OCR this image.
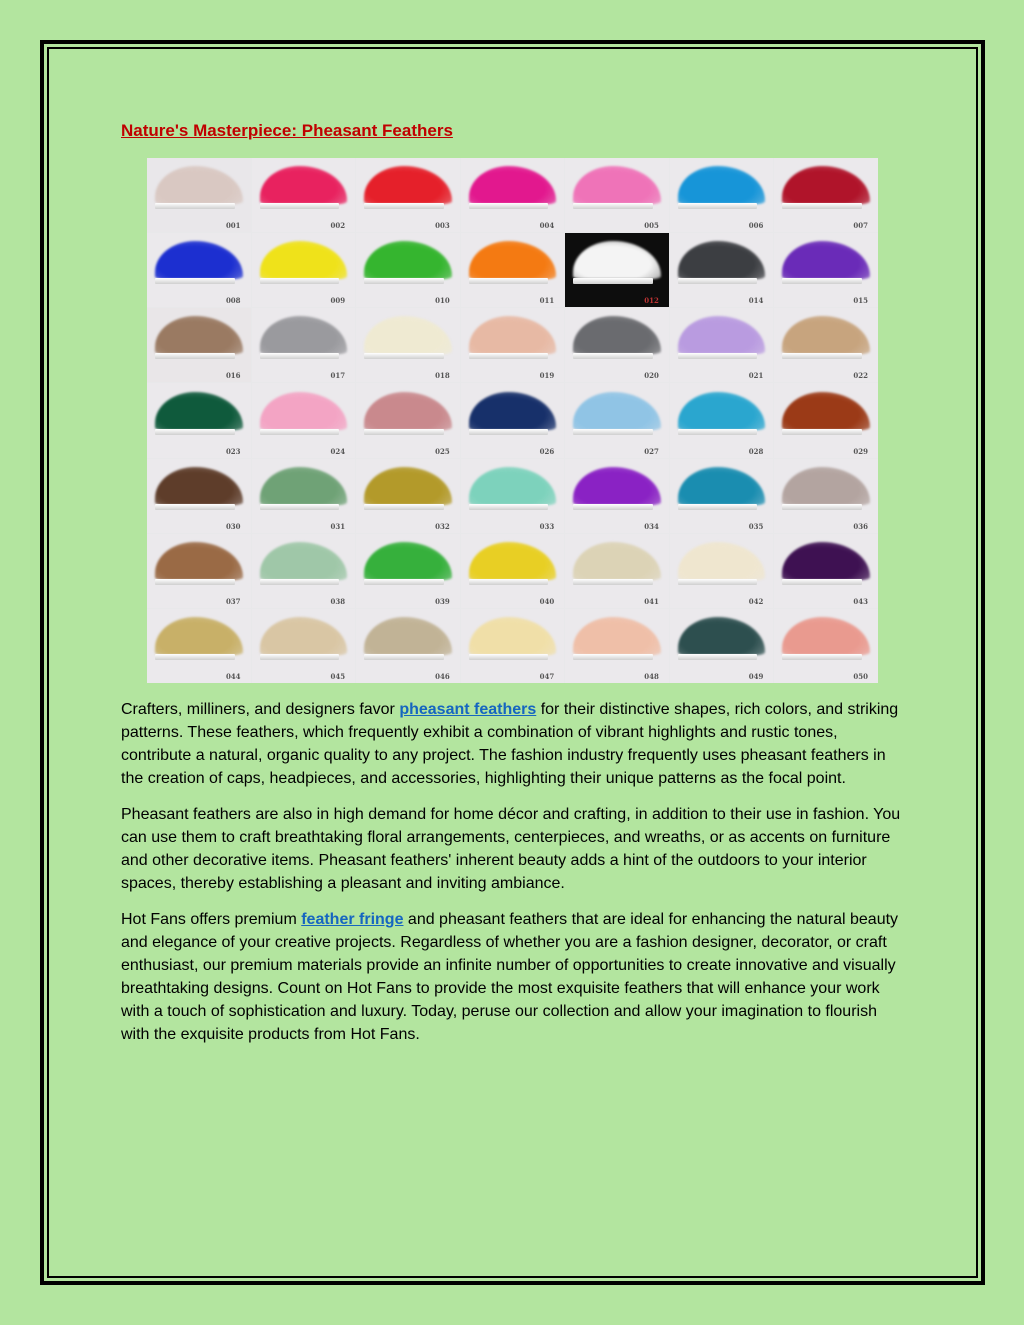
Nature's Masterpiece: Pheasant Feathers
001	002	003	004	005	006	007
008	009	010	011	012	014	015
016	017	018	019	020	021	022
023	024	025	026	027	028	029
030	031	032	033	034	035	036
037	038	039	040	041	042	043
044	045	046	047	048	049	050

Crafters, milliners, and designers favor pheasant feathers for their distinctive shapes, rich colors, and striking patterns. These feathers, which frequently exhibit a combination of vibrant highlights and rustic tones, contribute a natural, organic quality to any project. The fashion industry frequently uses pheasant feathers in the creation of caps, headpieces, and accessories, highlighting their unique patterns as the focal point.

Pheasant feathers are also in high demand for home décor and crafting, in addition to their use in fashion. You can use them to craft breathtaking floral arrangements, centerpieces, and wreaths, or as accents on furniture and other decorative items. Pheasant feathers' inherent beauty adds a hint of the outdoors to your interior spaces, thereby establishing a pleasant and inviting ambiance.

Hot Fans offers premium feather fringe and pheasant feathers that are ideal for enhancing the natural beauty and elegance of your creative projects. Regardless of whether you are a fashion designer, decorator, or craft enthusiast, our premium materials provide an infinite number of opportunities to create innovative and visually breathtaking designs. Count on Hot Fans to provide the most exquisite feathers that will enhance your work with a touch of sophistication and luxury. Today, peruse our collection and allow your imagination to flourish with the exquisite products from Hot Fans.
